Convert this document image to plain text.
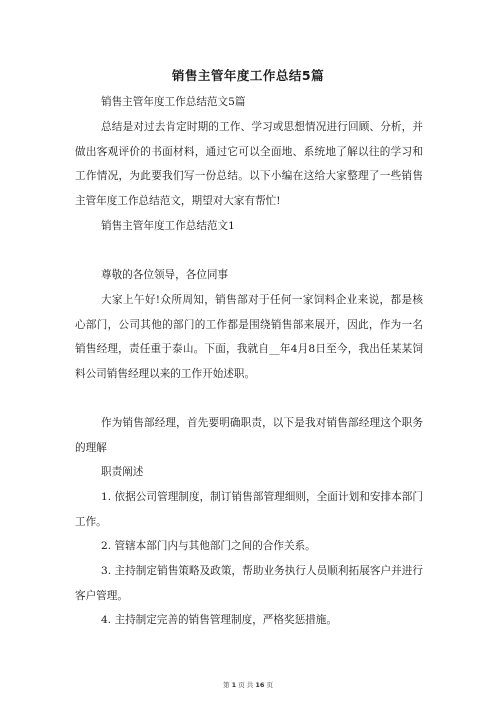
销售主管年度工作总结5篇

销售主管年度工作总结范文5篇

总结是对过去肯定时期的工作、学习或思想情况进行回顾、分析，并做出客观评价的书面材料，通过它可以全面地、系统地了解以往的学习和工作情况，为此要我们写一份总结。以下小编在这给大家整理了一些销售主管年度工作总结范文，期望对大家有帮忙!

销售主管年度工作总结范文1

尊敬的各位领导，各位同事

大家上午好!众所周知，销售部对于任何一家饲料企业来说，都是核心部门，公司其他的部门的工作都是围绕销售部来展开，因此，作为一名销售经理，责任重于泰山。下面，我就自__年4月8日至今，我出任某某饲料公司销售经理以来的工作开始述职。

作为销售部经理，首先要明确职责，以下是我对销售部经理这个职务的理解

职责阐述

1. 依据公司管理制度，制订销售部管理细则，全面计划和安排本部门工作。

2. 管辖本部门内与其他部门之间的合作关系。

3. 主持制定销售策略及政策，帮助业务执行人员顺利拓展客户并进行客户管理。

4. 主持制定完善的销售管理制度，严格奖惩措施。

第 1 页 共 16 页
